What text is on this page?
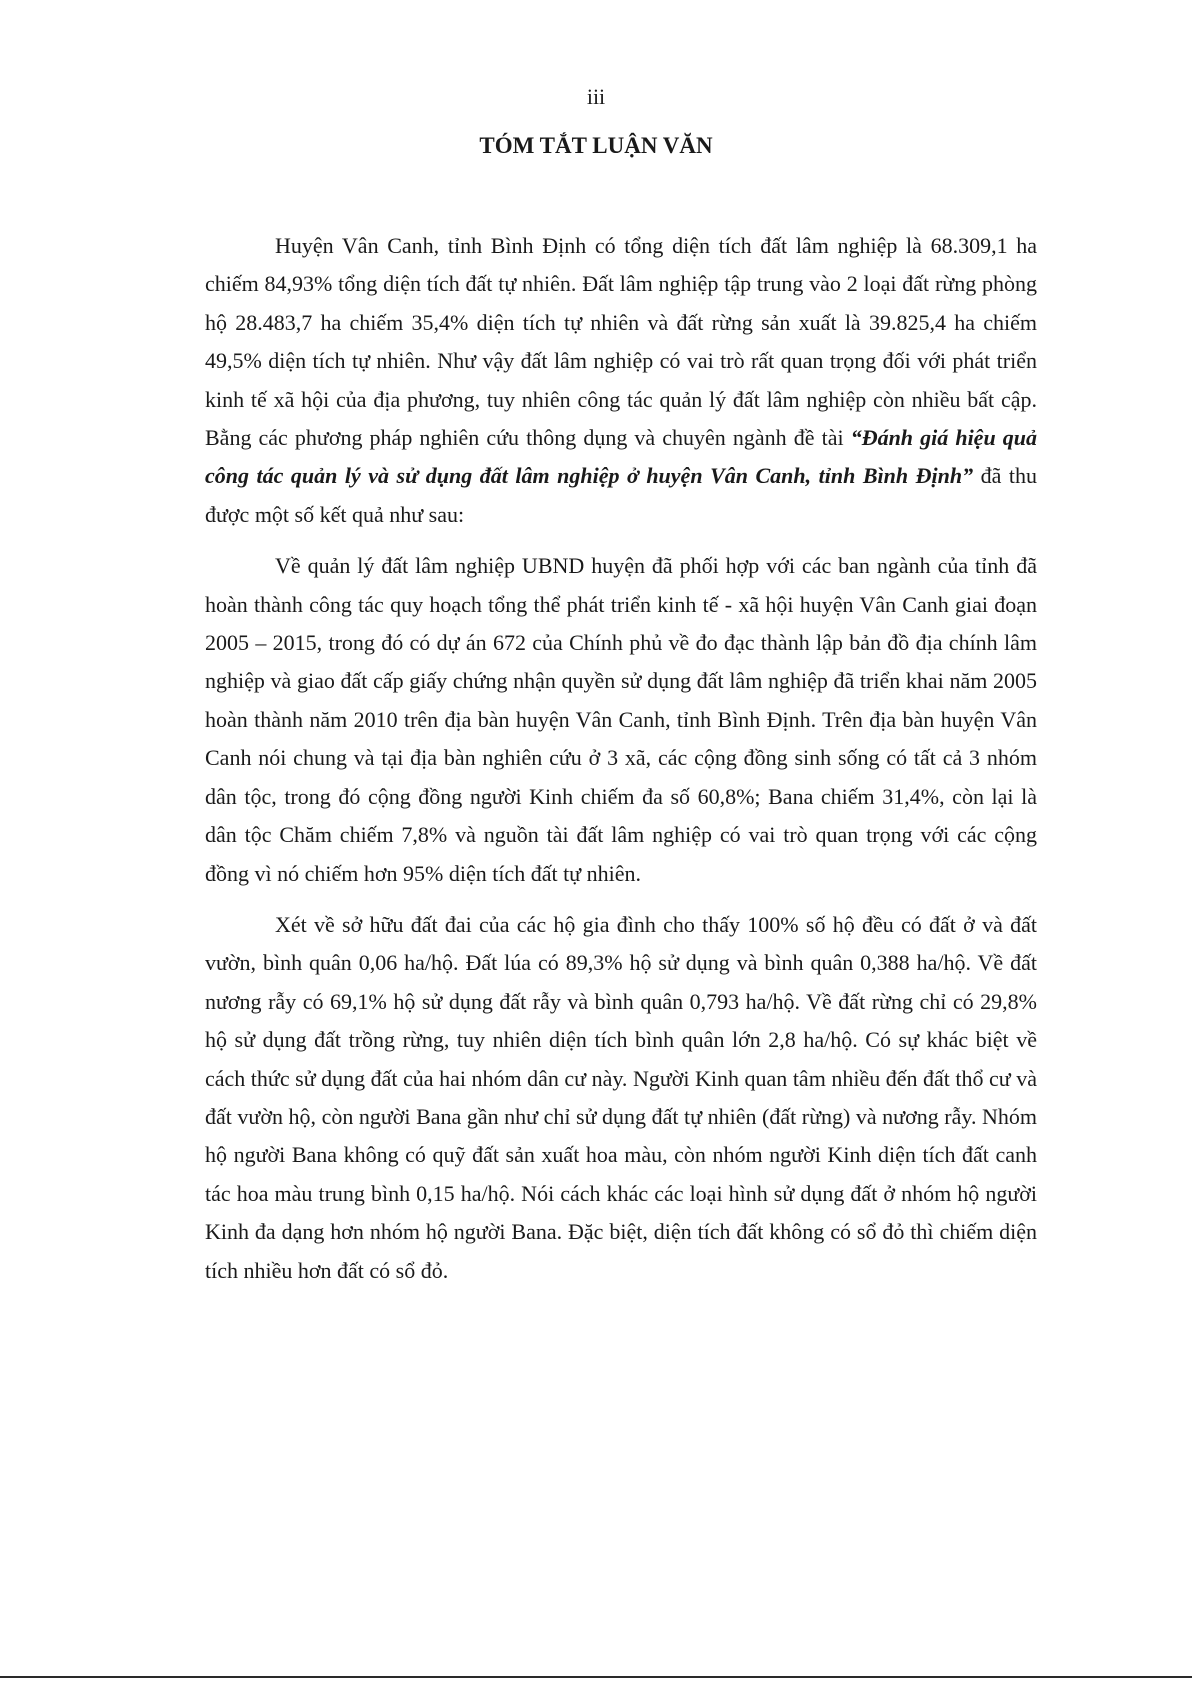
iii
TÓM TẮT LUẬN VĂN

Huyện Vân Canh, tỉnh Bình Định có tổng diện tích đất lâm nghiệp là 68.309,1 ha chiếm 84,93% tổng diện tích đất tự nhiên. Đất lâm nghiệp tập trung vào 2 loại đất rừng phòng hộ 28.483,7 ha chiếm 35,4% diện tích tự nhiên và đất rừng sản xuất là 39.825,4 ha chiếm 49,5% diện tích tự nhiên. Như vậy đất lâm nghiệp có vai trò rất quan trọng đối với phát triển kinh tế xã hội của địa phương, tuy nhiên công tác quản lý đất lâm nghiệp còn nhiều bất cập. Bằng các phương pháp nghiên cứu thông dụng và chuyên ngành đề tài “Đánh giá hiệu quả công tác quản lý và sử dụng đất lâm nghiệp ở huyện Vân Canh, tỉnh Bình Định” đã thu được một số kết quả như sau:

Về quản lý đất lâm nghiệp UBND huyện đã phối hợp với các ban ngành của tỉnh đã hoàn thành công tác quy hoạch tổng thể phát triển kinh tế - xã hội huyện Vân Canh giai đoạn 2005 – 2015, trong đó có dự án 672 của Chính phủ về đo đạc thành lập bản đồ địa chính lâm nghiệp và giao đất cấp giấy chứng nhận quyền sử dụng đất lâm nghiệp đã triển khai năm 2005 hoàn thành năm 2010 trên địa bàn huyện Vân Canh, tỉnh Bình Định. Trên địa bàn huyện Vân Canh nói chung và tại địa bàn nghiên cứu ở 3 xã, các cộng đồng sinh sống có tất cả 3 nhóm dân tộc, trong đó cộng đồng người Kinh chiếm đa số 60,8%; Bana chiếm 31,4%, còn lại là dân tộc Chăm chiếm 7,8% và nguồn tài đất lâm nghiệp có vai trò quan trọng với các cộng đồng vì nó chiếm hơn 95% diện tích đất tự nhiên.

Xét về sở hữu đất đai của các hộ gia đình cho thấy 100% số hộ đều có đất ở và đất vườn, bình quân 0,06 ha/hộ. Đất lúa có 89,3% hộ sử dụng và bình quân 0,388 ha/hộ. Về đất nương rẫy có 69,1% hộ sử dụng đất rẫy và bình quân 0,793 ha/hộ. Về đất rừng chỉ có 29,8% hộ sử dụng đất trồng rừng, tuy nhiên diện tích bình quân lớn 2,8 ha/hộ. Có sự khác biệt về cách thức sử dụng đất của hai nhóm dân cư này. Người Kinh quan tâm nhiều đến đất thổ cư và đất vườn hộ, còn người Bana gần như chỉ sử dụng đất tự nhiên (đất rừng) và nương rẫy. Nhóm hộ người Bana không có quỹ đất sản xuất hoa màu, còn nhóm người Kinh diện tích đất canh tác hoa màu trung bình 0,15 ha/hộ. Nói cách khác các loại hình sử dụng đất ở nhóm hộ người Kinh đa dạng hơn nhóm hộ người Bana. Đặc biệt, diện tích đất không có sổ đỏ thì chiếm diện tích nhiều hơn đất có sổ đỏ.
